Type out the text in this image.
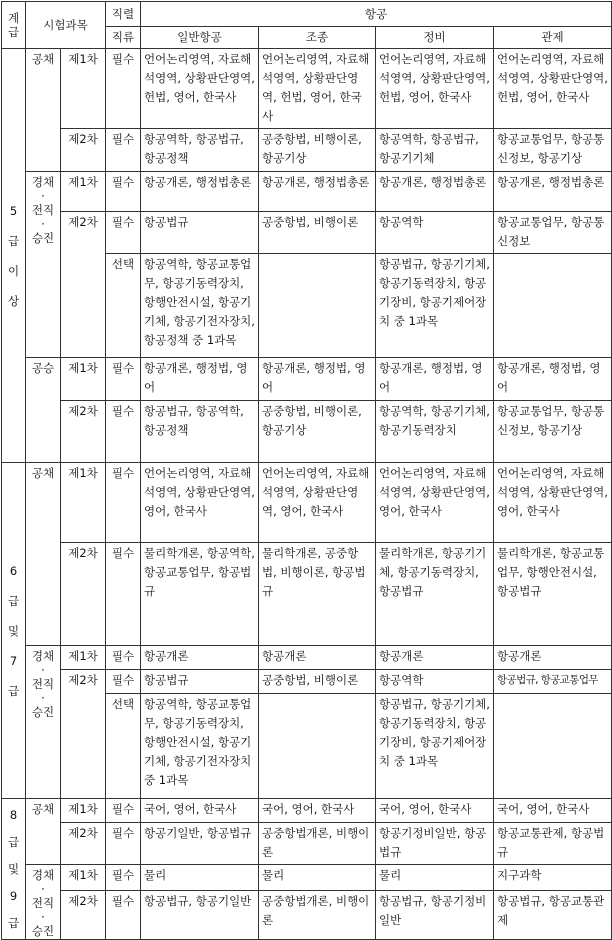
계급	시험과목		직렬	항공			
			직류	일반항공	조종	정비	관제

5
급
이
상	공채	제1차	필수	언어논리영역, 자료해석영역, 상황판단영역, 헌법, 영어, 한국사	언어논리영역, 자료해석영역, 상황판단영역, 헌법, 영어, 한국사	언어논리영역, 자료해석영역, 상황판단영역, 헌법, 영어, 한국사	언어논리영역, 자료해석영역, 상황판단영역, 헌법, 영어, 한국사
		제2차	필수	항공역학, 항공법규, 항공정책	공중항법, 비행이론, 항공기상	항공역학, 항공법규, 항공기기체	항공교통업무, 항공통신정보, 항공기상
	경채
·
전직
·
승진	제1차	필수	항공개론, 행정법총론	항공개론, 행정법총론	항공개론, 행정법총론	항공개론, 행정법총론
		제2차	필수	항공법규	공중항법, 비행이론	항공역학	항공교통업무, 항공통신정보
			선택	항공역학, 항공교통업무, 항공기동력장치, 항행안전시설, 항공기기체, 항공기전자장치, 항공정책 중 1과목		항공법규, 항공기기체, 항공기동력장치, 항공기장비, 항공기제어장치 중 1과목	
	공승	제1차	필수	항공개론, 행정법, 영어	항공개론, 행정법, 영어	항공개론, 행정법, 영어	항공개론, 행정법, 영어
		제2차	필수	항공법규, 항공역학, 항공정책	공중항법, 비행이론, 항공기상	항공역학, 항공기기체, 항공기동력장치	항공교통업무, 항공통신정보, 항공기상

6
급
및
7
급	공채	제1차	필수	언어논리영역, 자료해석영역, 상황판단영역, 영어, 한국사	언어논리영역, 자료해석영역, 상황판단영역, 영어, 한국사	언어논리영역, 자료해석영역, 상황판단영역, 영어, 한국사	언어논리영역, 자료해석영역, 상황판단영역, 영어, 한국사
		제2차	필수	물리학개론, 항공역학, 항공교통업무, 항공법규	물리학개론, 공중항법, 비행이론, 항공법규	물리학개론, 항공기기체, 항공기동력장치, 항공법규	물리학개론, 항공교통업무, 항행안전시설, 항공법규
	경채
·
전직
·
승진	제1차	필수	항공개론	항공개론	항공개론	항공개론
		제2차	필수	항공법규	공중항법, 비행이론	항공역학	항공법규, 항공교통업무
			선택	항공역학, 항공교통업무, 항공기동력장치, 항행안전시설, 항공기기체, 항공기전자장치 중 1과목		항공법규, 항공기기체, 항공기동력장치, 항공기장비, 항공기제어장치 중 1과목	

8
급
및
9
급	공채	제1차	필수	국어, 영어, 한국사	국어, 영어, 한국사	국어, 영어, 한국사	국어, 영어, 한국사
		제2차	필수	항공기일반, 항공법규	공중항법개론, 비행이론	항공기정비일반, 항공법규	항공교통관제, 항공법규
	경채
·
전직
·
승진	제1차	필수	물리	물리	물리	지구과학
		제2차	필수	항공법규, 항공기일반	공중항법개론, 비행이론	항공법규, 항공기정비일반	항공법규, 항공교통관제
